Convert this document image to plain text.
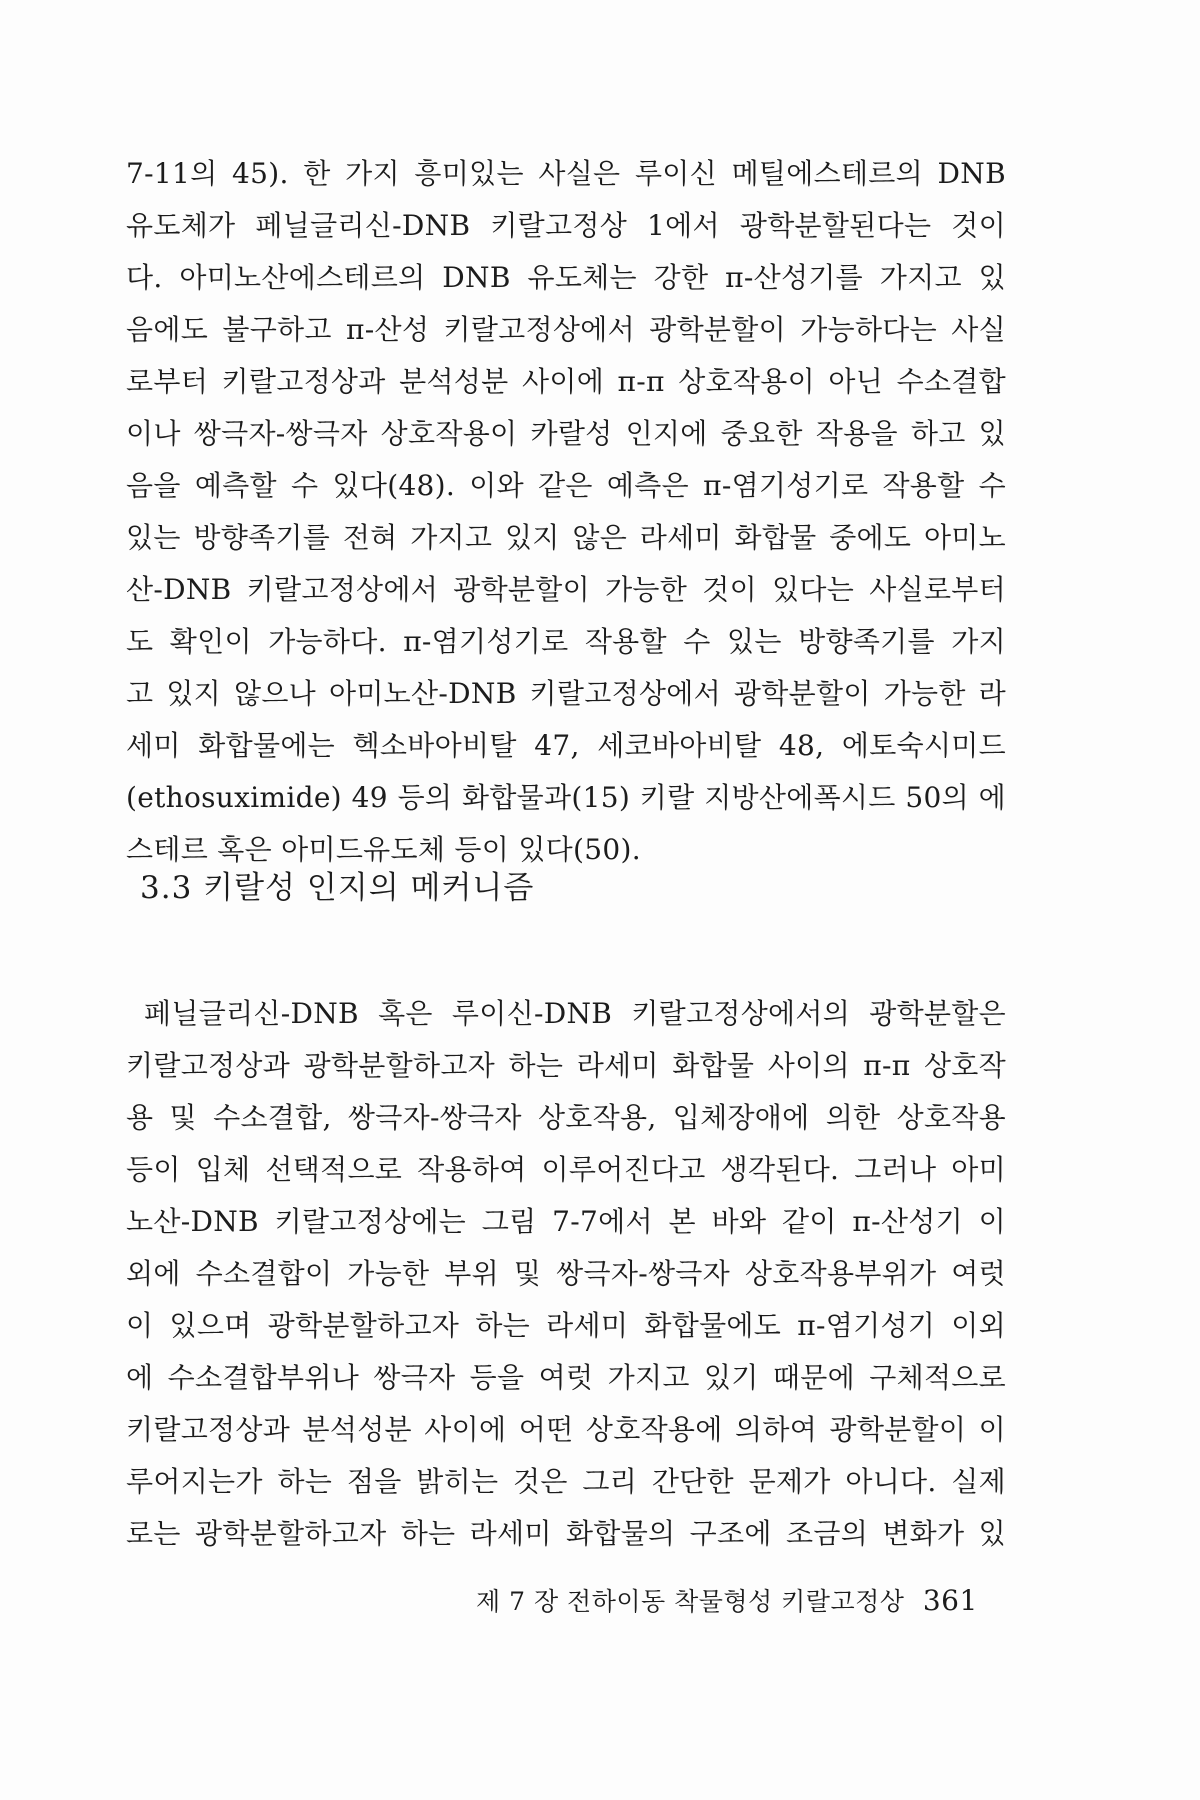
7-11의 45). 한 가지 흥미있는 사실은 루이신 메틸에스테르의 DNB
유도체가 페닐글리신-DNB 키랄고정상 1에서 광학분할된다는 것이
다. 아미노산에스테르의 DNB 유도체는 강한 π-산성기를 가지고 있
음에도 불구하고 π-산성 키랄고정상에서 광학분할이 가능하다는 사실
로부터 키랄고정상과 분석성분 사이에 π-π 상호작용이 아닌 수소결합
이나 쌍극자-쌍극자 상호작용이 카랄성 인지에 중요한 작용을 하고 있
음을 예측할 수 있다(48). 이와 같은 예측은 π-염기성기로 작용할 수
있는 방향족기를 전혀 가지고 있지 않은 라세미 화합물 중에도 아미노
산-DNB 키랄고정상에서 광학분할이 가능한 것이 있다는 사실로부터
도 확인이 가능하다. π-염기성기로 작용할 수 있는 방향족기를 가지
고 있지 않으나 아미노산-DNB 키랄고정상에서 광학분할이 가능한 라
세미 화합물에는 헥소바아비탈 47, 세코바아비탈 48, 에토숙시미드
(ethosuximide) 49 등의 화합물과(15) 키랄 지방산에폭시드 50의 에
스테르 혹은 아미드유도체 등이 있다(50).
3.3 키랄성 인지의 메커니즘
페닐글리신-DNB 혹은 루이신-DNB 키랄고정상에서의 광학분할은
키랄고정상과 광학분할하고자 하는 라세미 화합물 사이의 π-π 상호작
용 및 수소결합, 쌍극자-쌍극자 상호작용, 입체장애에 의한 상호작용
등이 입체 선택적으로 작용하여 이루어진다고 생각된다. 그러나 아미
노산-DNB 키랄고정상에는 그림 7-7에서 본 바와 같이 π-산성기 이
외에 수소결합이 가능한 부위 및 쌍극자-쌍극자 상호작용부위가 여럿
이 있으며 광학분할하고자 하는 라세미 화합물에도 π-염기성기 이외
에 수소결합부위나 쌍극자 등을 여럿 가지고 있기 때문에 구체적으로
키랄고정상과 분석성분 사이에 어떤 상호작용에 의하여 광학분할이 이
루어지는가 하는 점을 밝히는 것은 그리 간단한 문제가 아니다. 실제
로는 광학분할하고자 하는 라세미 화합물의 구조에 조금의 변화가 있
제 7 장 전하이동 착물형성 키랄고정상 361
